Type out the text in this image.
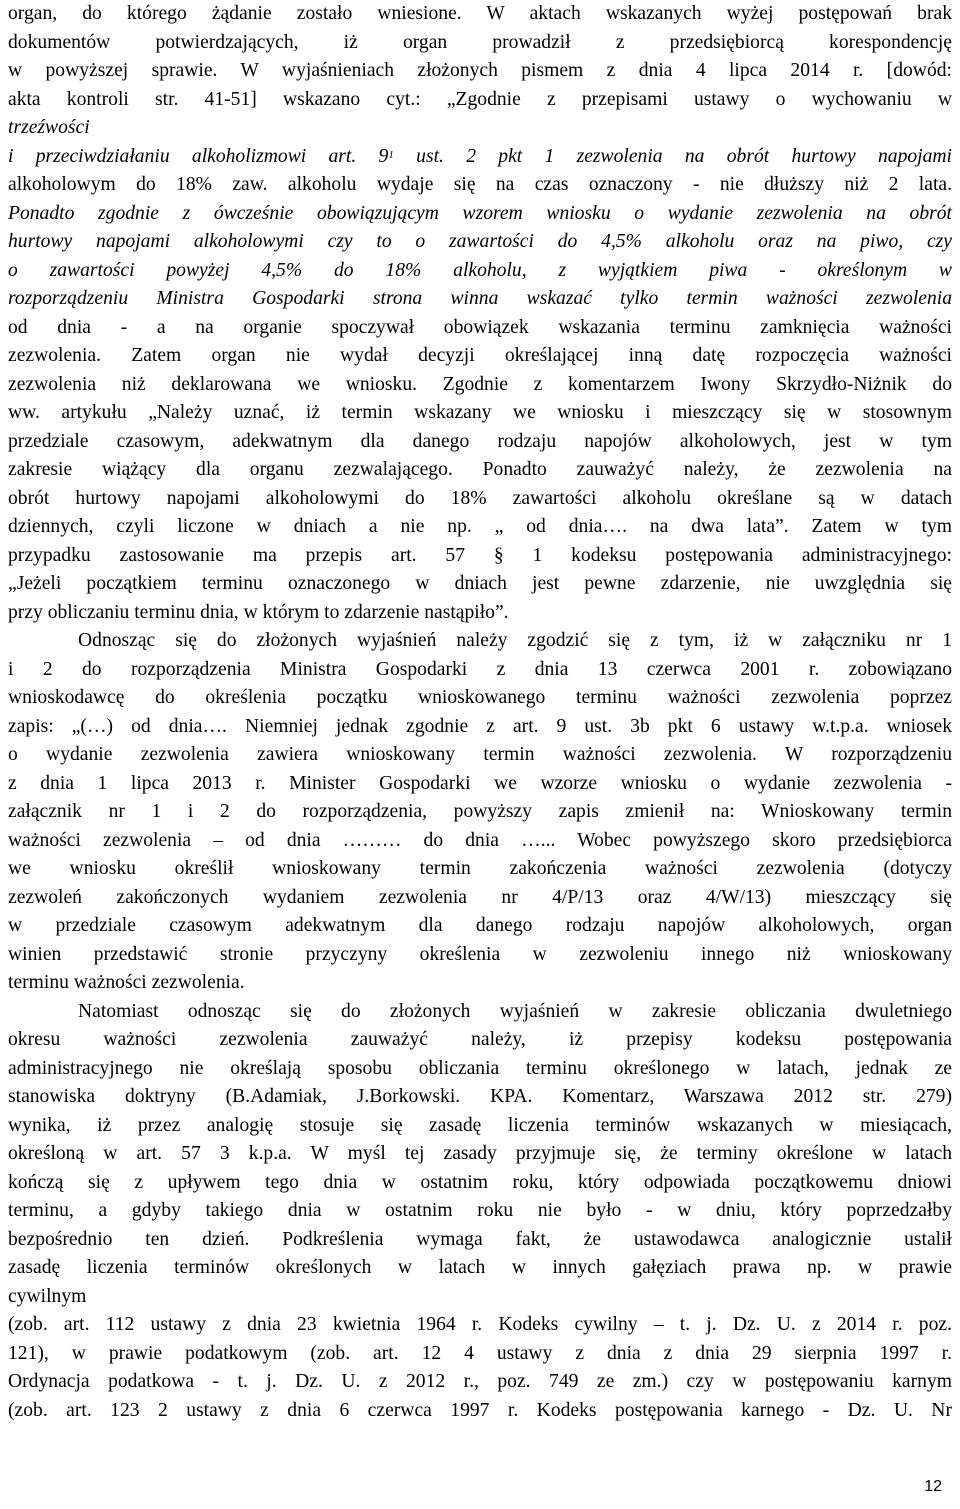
organ, do którego żądanie zostało wniesione. W aktach wskazanych wyżej postępowań brak
dokumentów potwierdzających, iż organ prowadził z przedsiębiorcą korespondencję
w powyższej sprawie. W wyjaśnieniach złożonych pismem z dnia 4 lipca 2014 r. [dowód:
akta kontroli str. 41-51] wskazano cyt.: „Zgodnie z przepisami ustawy o wychowaniu w
trzeźwości
i przeciwdziałaniu alkoholizmowi art. $9^1$ ust. 2 pkt 1 zezwolenia na obrót hurtowy napojami
alkoholowym do 18% zaw. alkoholu wydaje się na czas oznaczony - nie dłuższy niż 2 lata.
Ponadto zgodnie z ówcześnie obowiązującym wzorem wniosku o wydanie zezwolenia na obrót
hurtowy napojami alkoholowymi czy to o zawartości do 4,5% alkoholu oraz na piwo, czy
o zawartości powyżej 4,5% do 18% alkoholu, z wyjątkiem piwa - określonym w
rozporządzeniu Ministra Gospodarki strona winna wskazać tylko termin ważności zezwolenia
od dnia - a na organie spoczywał obowiązek wskazania terminu zamknięcia ważności
zezwolenia. Zatem organ nie wydał decyzji określającej inną datę rozpoczęcia ważności
zezwolenia niż deklarowana we wniosku. Zgodnie z komentarzem Iwony Skrzydło-Niżnik do
ww. artykułu „Należy uznać, iż termin wskazany we wniosku i mieszczący się w stosownym
przedziale czasowym, adekwatnym dla danego rodzaju napojów alkoholowych, jest w tym
zakresie wiążący dla organu zezwalającego. Ponadto zauważyć należy, że zezwolenia na
obrót hurtowy napojami alkoholowymi do 18% zawartości alkoholu określane są w datach
dziennych, czyli liczone w dniach a nie np. „ od dnia…. na dwa lata”. Zatem w tym
przypadku zastosowanie ma przepis art. 57 § 1 kodeksu postępowania administracyjnego:
„Jeżeli początkiem terminu oznaczonego w dniach jest pewne zdarzenie, nie uwzględnia się
przy obliczaniu terminu dnia, w którym to zdarzenie nastąpiło”.
Odnosząc się do złożonych wyjaśnień należy zgodzić się z tym, iż w załączniku nr 1
i 2 do rozporządzenia Ministra Gospodarki z dnia 13 czerwca 2001 r. zobowiązano
wnioskodawcę do określenia początku wnioskowanego terminu ważności zezwolenia poprzez
zapis: „(…) od dnia…. Niemniej jednak zgodnie z art. 9 ust. 3b pkt 6 ustawy w.t.p.a. wniosek
o wydanie zezwolenia zawiera wnioskowany termin ważności zezwolenia. W rozporządzeniu
z dnia 1 lipca 2013 r. Minister Gospodarki we wzorze wniosku o wydanie zezwolenia -
załącznik nr 1 i 2 do rozporządzenia, powyższy zapis zmienił na: Wnioskowany termin
ważności zezwolenia – od dnia ……… do dnia …... Wobec powyższego skoro przedsiębiorca
we wniosku określił wnioskowany termin zakończenia ważności zezwolenia (dotyczy
zezwoleń zakończonych wydaniem zezwolenia nr 4/P/13 oraz 4/W/13) mieszczący się
w przedziale czasowym adekwatnym dla danego rodzaju napojów alkoholowych, organ
winien przedstawić stronie przyczyny określenia w zezwoleniu innego niż wnioskowany
terminu ważności zezwolenia.
Natomiast odnosząc się do złożonych wyjaśnień w zakresie obliczania dwuletniego
okresu ważności zezwolenia zauważyć należy, iż przepisy kodeksu postępowania
administracyjnego nie określają sposobu obliczania terminu określonego w latach, jednak ze
stanowiska doktryny (B.Adamiak, J.Borkowski. KPA. Komentarz, Warszawa 2012 str. 279)
wynika, iż przez analogię stosuje się zasadę liczenia terminów wskazanych w miesiącach,
określoną w art. 57 3 k.p.a. W myśl tej zasady przyjmuje się, że terminy określone w latach
kończą się z upływem tego dnia w ostatnim roku, który odpowiada początkowemu dniowi
terminu, a gdyby takiego dnia w ostatnim roku nie było - w dniu, który poprzedzałby
bezpośrednio ten dzień. Podkreślenia wymaga fakt, że ustawodawca analogicznie ustalił
zasadę liczenia terminów określonych w latach w innych gałęziach prawa np. w prawie
cywilnym
(zob. art. 112 ustawy z dnia 23 kwietnia 1964 r. Kodeks cywilny – t. j. Dz. U. z 2014 r. poz.
121), w prawie podatkowym (zob. art. 12 4 ustawy z dnia z dnia 29 sierpnia 1997 r.
Ordynacja podatkowa - t. j. Dz. U. z 2012 r., poz. 749 ze zm.) czy w postępowaniu karnym
(zob. art. 123 2 ustawy z dnia 6 czerwca 1997 r. Kodeks postępowania karnego - Dz. U. Nr
12
